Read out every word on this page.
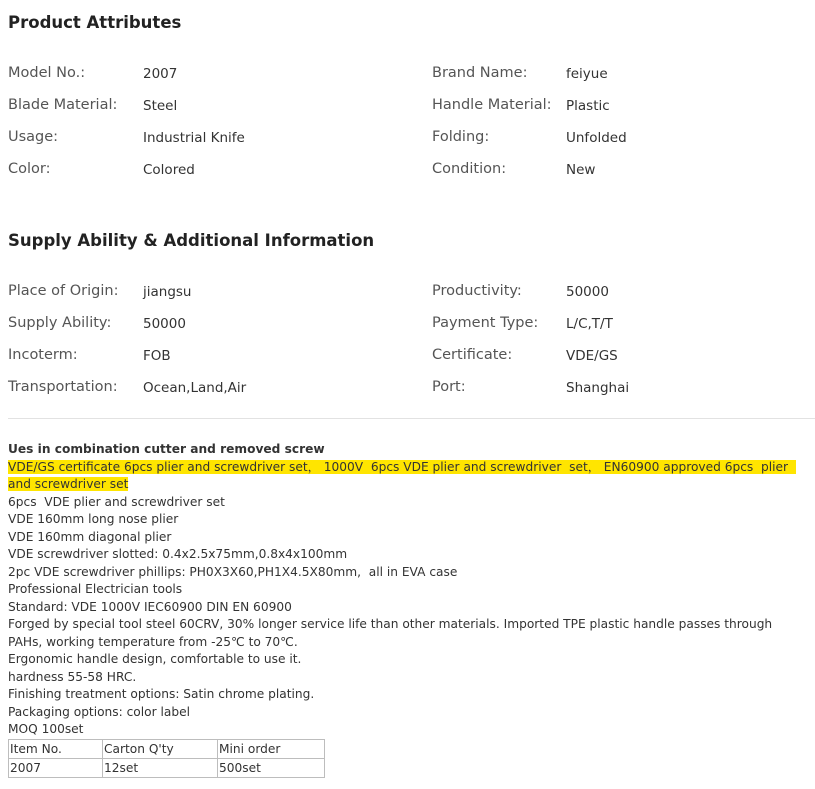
Product Attributes
Model No.:	2007	Brand Name:	feiyue
Blade Material: Steel	Handle Material: Plastic
Usage:	Industrial Knife	Folding:	Unfolded
Color:	Colored	Condition:	New
Supply Ability & Additional Information
Place of Origin: jiangsu	Productivity:	50000
Supply Ability: 50000	Payment Type: L/C,T/T
Incoterm:	FOB	Certificate:	VDE/GS
Transportation: Ocean,Land,Air	Port:	Shanghai
Ues in combination cutter and removed screw
VDE/GS certificate 6pcs plier and screwdriver set， 1000V  6pcs VDE plier and screwdriver  set， EN60900 approved 6pcs  plier  and screwdriver set
6pcs  VDE plier and screwdriver set
VDE 160mm long nose plier
VDE 160mm diagonal plier
VDE screwdriver slotted: 0.4x2.5x75mm,0.8x4x100mm
2pc VDE screwdriver phillips: PH0X3X60,PH1X4.5X80mm,  all in EVA case
Professional Electrician tools
Standard: VDE 1000V IEC60900 DIN EN 60900
Forged by special tool steel 60CRV, 30% longer service life than other materials. Imported TPE plastic handle passes through PAHs, working temperature from -25℃ to 70℃.
Ergonomic handle design, comfortable to use it.
hardness 55-58 HRC.
Finishing treatment options: Satin chrome plating.
Packaging options: color label
MOQ 100set
Item No.	Carton Q'ty	Mini order
2007	12set	500set
